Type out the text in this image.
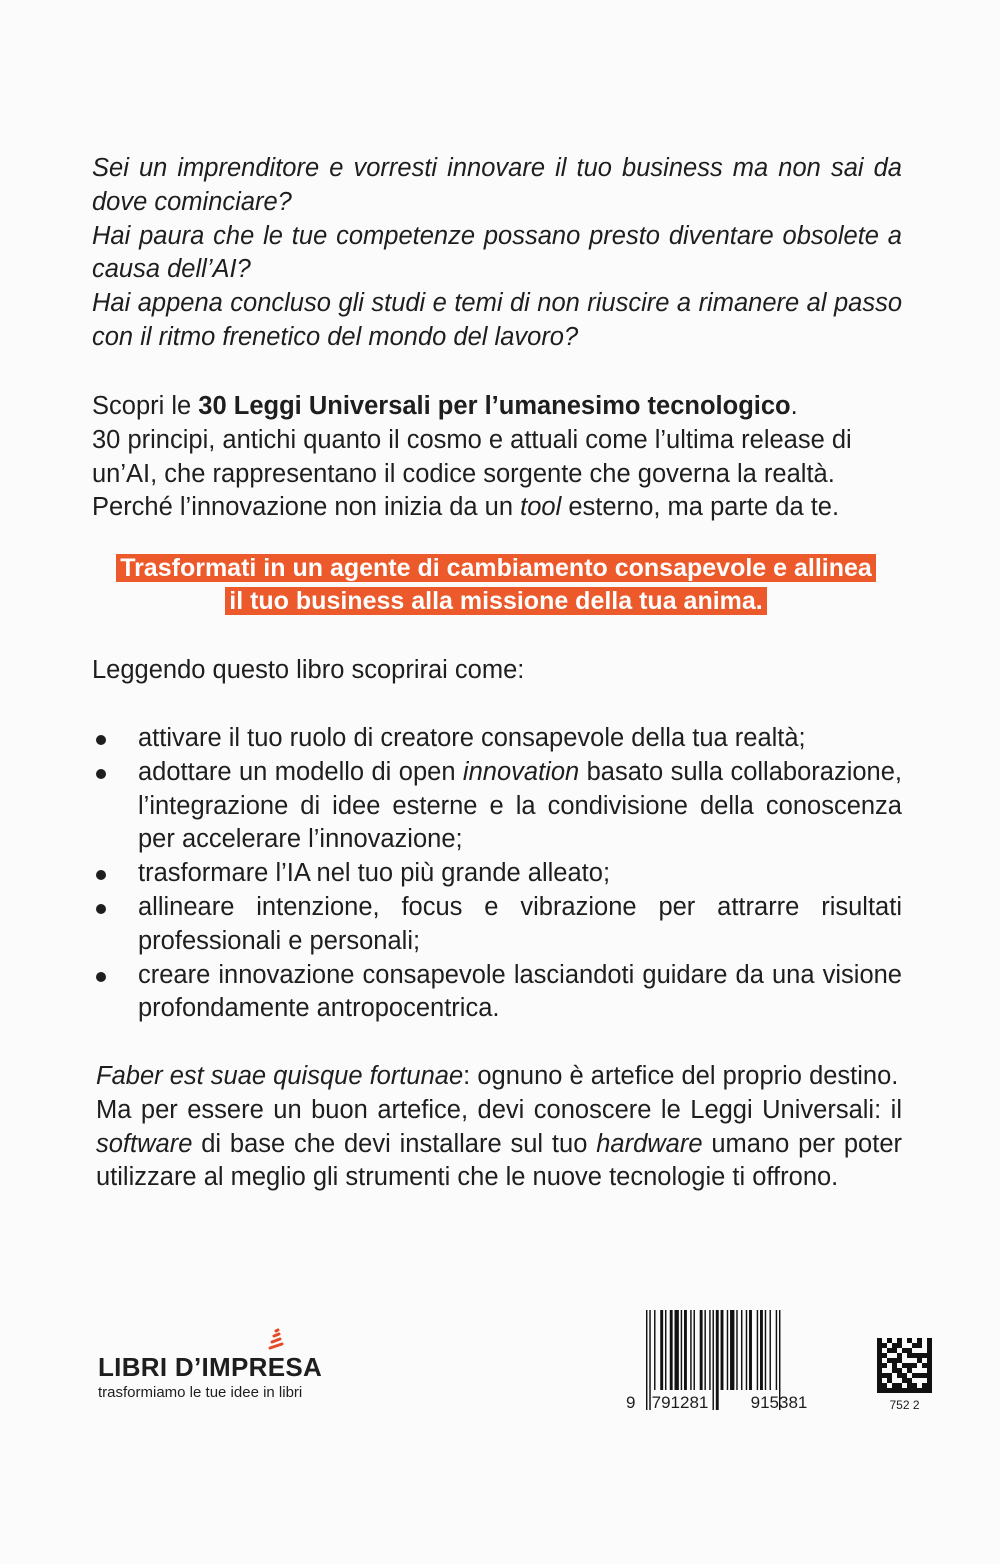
Sei un imprenditore e vorresti innovare il tuo business ma non sai da dove cominciare?
Hai paura che le tue competenze possano presto diventare obsolete a causa dell’AI?
Hai appena concluso gli studi e temi di non riuscire a rimanere al passo con il ritmo frenetico del mondo del lavoro?
Scopri le 30 Leggi Universali per l’umanesimo tecnologico.
30 principi, antichi quanto il cosmo e attuali come l’ultima release di un’AI, che rappresentano il codice sorgente che governa la realtà.
Perché l’innovazione non inizia da un tool esterno, ma parte da te.
Trasformati in un agente di cambiamento consapevole e allinea
il tuo business alla missione della tua anima.
Leggendo questo libro scoprirai come:
attivare il tuo ruolo di creatore consapevole della tua realtà;
adottare un modello di open innovation basato sulla collaborazione, l’integrazione di idee esterne e la condivisione della conoscenza per accelerare l’innovazione;
trasformare l’IA nel tuo più grande alleato;
allineare intenzione, focus e vibrazione per attrarre risultati professionali e personali;
creare innovazione consapevole lasciandoti guidare da una visione profondamente antropocentrica.
Faber est suae quisque fortunae: ognuno è artefice del proprio destino.
Ma per essere un buon artefice, devi conoscere le Leggi Universali: il software di base che devi installare sul tuo hardware umano per poter utilizzare al meglio gli strumenti che le nuove tecnologie ti offrono.
LIBRI D’IMPRE
SA
trasformiamo le tue idee in libri
9 791281 915381	752 2
